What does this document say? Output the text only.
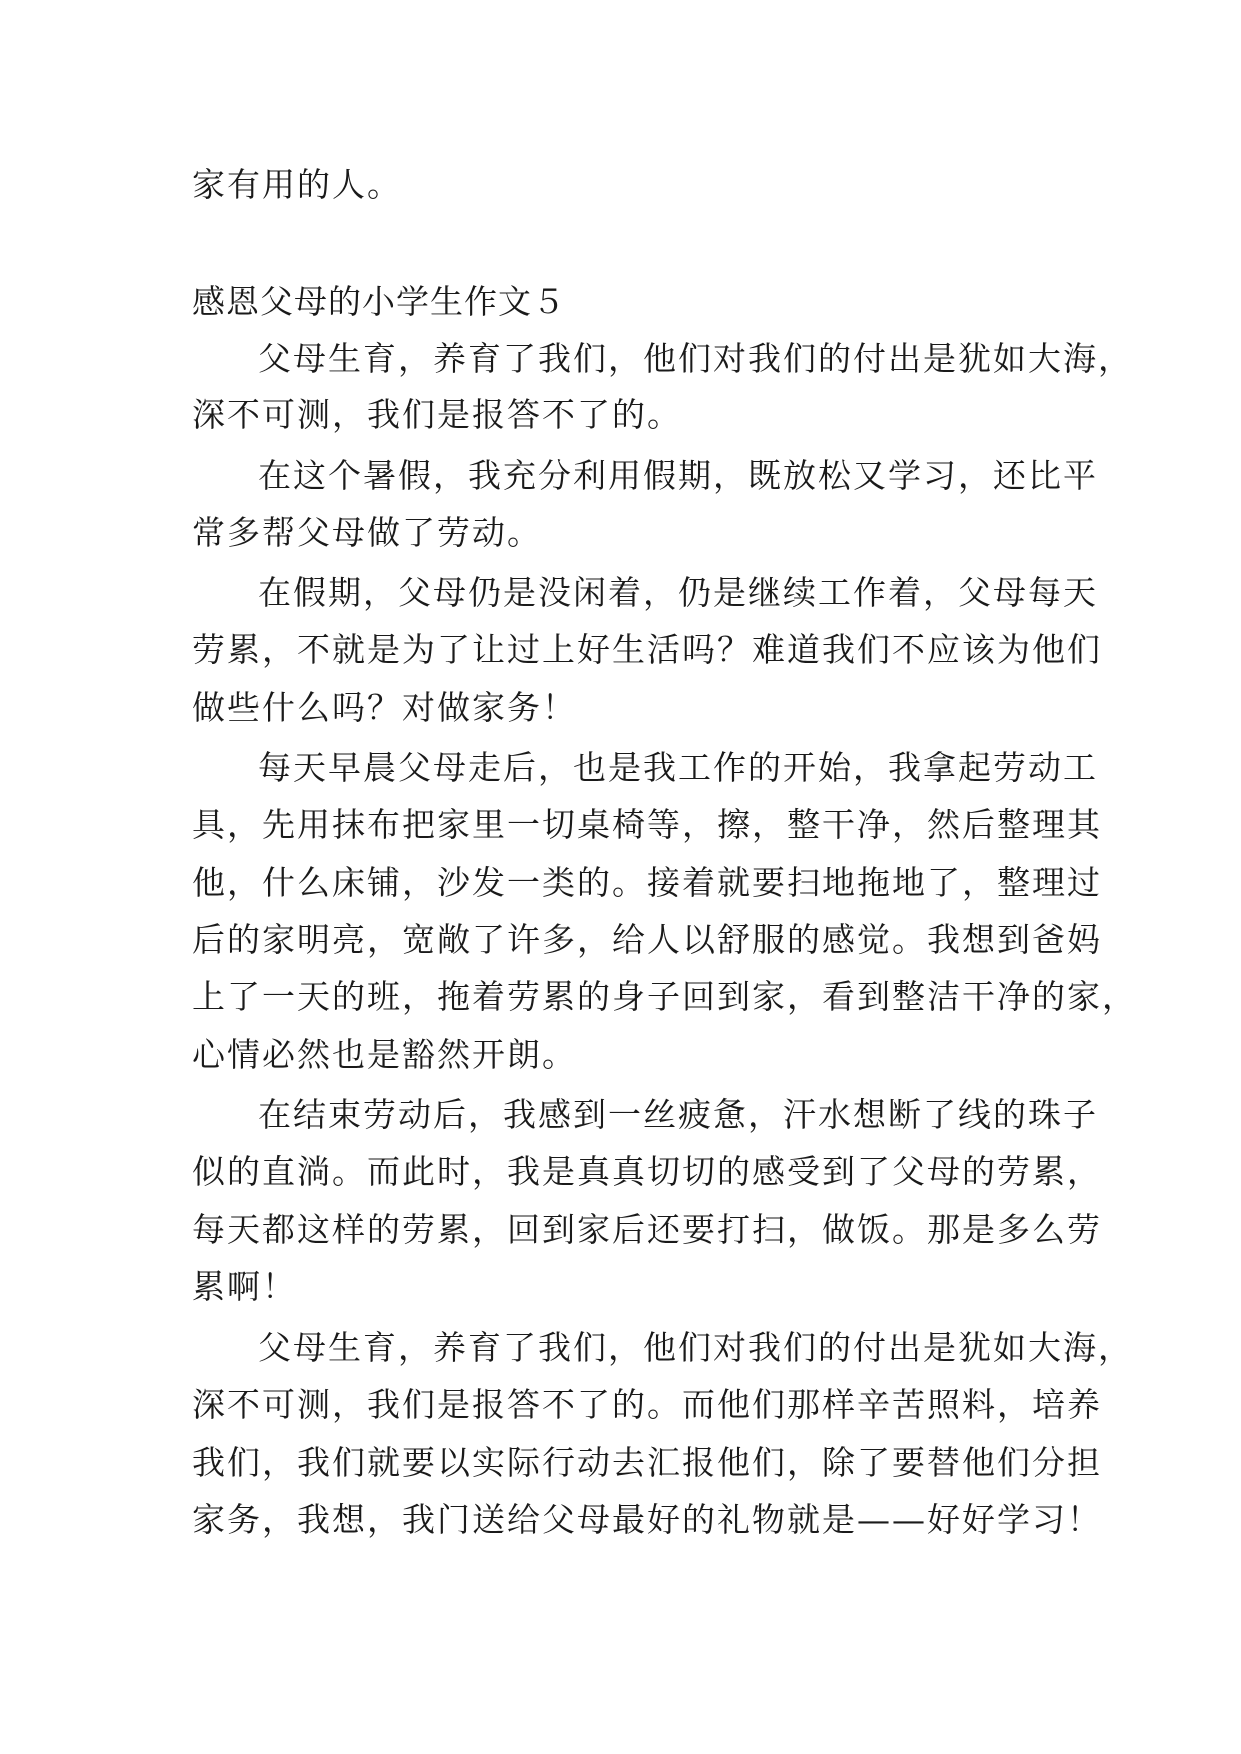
家有用的人。
感恩父母的小学生作文５
父母生育，养育了我们，他们对我们的付出是犹如大海，
深不可测，我们是报答不了的。
在这个暑假，我充分利用假期，既放松又学习，还比平
常多帮父母做了劳动。
在假期，父母仍是没闲着，仍是继续工作着，父母每天
劳累，不就是为了让过上好生活吗？难道我们不应该为他们
做些什么吗？对做家务！
每天早晨父母走后，也是我工作的开始，我拿起劳动工
具，先用抹布把家里一切桌椅等，擦，整干净，然后整理其
他，什么床铺，沙发一类的。接着就要扫地拖地了，整理过
后的家明亮，宽敞了许多，给人以舒服的感觉。我想到爸妈
上了一天的班，拖着劳累的身子回到家，看到整洁干净的家，
心情必然也是豁然开朗。
在结束劳动后，我感到一丝疲惫，汗水想断了线的珠子
似的直淌。而此时，我是真真切切的感受到了父母的劳累，
每天都这样的劳累，回到家后还要打扫，做饭。那是多么劳
累啊！
父母生育，养育了我们，他们对我们的付出是犹如大海，
深不可测，我们是报答不了的。而他们那样辛苦照料，培养
我们，我们就要以实际行动去汇报他们，除了要替他们分担
家务，我想，我门送给父母最好的礼物就是——好好学习！
